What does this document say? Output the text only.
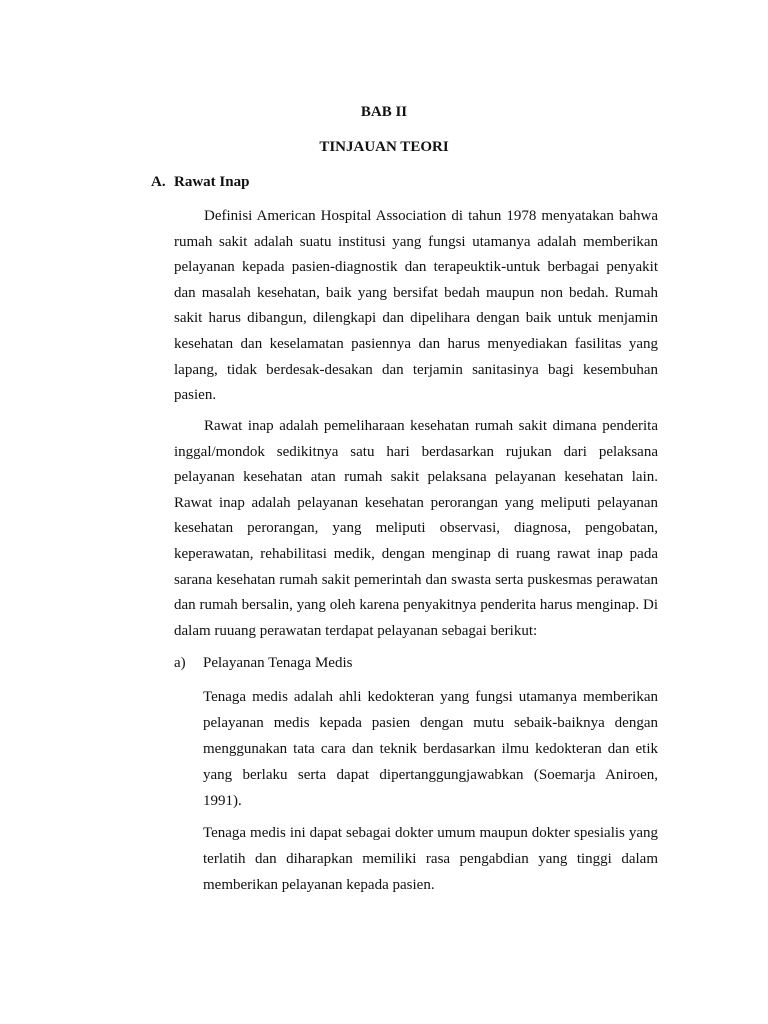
BAB II
TINJAUAN TEORI
A. Rawat Inap

Definisi American Hospital Association di tahun 1978 menyatakan bahwa rumah sakit adalah suatu institusi yang fungsi utamanya adalah memberikan pelayanan kepada pasien-diagnostik dan terapeuktik-untuk berbagai penyakit dan masalah kesehatan, baik yang bersifat bedah maupun non bedah. Rumah sakit harus dibangun, dilengkapi dan dipelihara dengan baik untuk menjamin kesehatan dan keselamatan pasiennya dan harus menyediakan fasilitas yang lapang, tidak berdesak-desakan dan terjamin sanitasinya bagi kesembuhan pasien.

Rawat inap adalah pemeliharaan kesehatan rumah sakit dimana penderita inggal/mondok sedikitnya satu hari berdasarkan rujukan dari pelaksana pelayanan kesehatan atan rumah sakit pelaksana pelayanan kesehatan lain. Rawat inap adalah pelayanan kesehatan perorangan yang meliputi pelayanan kesehatan perorangan, yang meliputi observasi, diagnosa, pengobatan, keperawatan, rehabilitasi medik, dengan menginap di ruang rawat inap pada sarana kesehatan rumah sakit pemerintah dan swasta serta puskesmas perawatan dan rumah bersalin, yang oleh karena penyakitnya penderita harus menginap. Di dalam ruuang perawatan terdapat pelayanan sebagai berikut:

a) Pelayanan Tenaga Medis

Tenaga medis adalah ahli kedokteran yang fungsi utamanya memberikan pelayanan medis kepada pasien dengan mutu sebaik-baiknya dengan menggunakan tata cara dan teknik berdasarkan ilmu kedokteran dan etik yang berlaku serta dapat dipertanggungjawabkan (Soemarja Aniroen, 1991).

Tenaga medis ini dapat sebagai dokter umum maupun dokter spesialis yang terlatih dan diharapkan memiliki rasa pengabdian yang tinggi dalam memberikan pelayanan kepada pasien.
